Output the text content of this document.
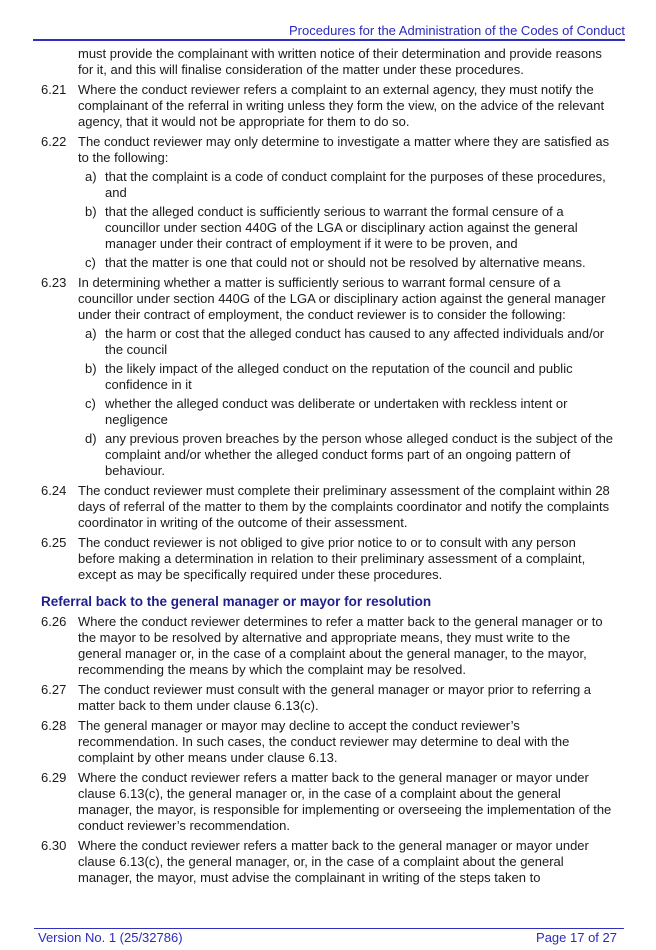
Procedures for the Administration of the Codes of Conduct
must provide the complainant with written notice of their determination and provide reasons for it, and this will finalise consideration of the matter under these procedures.
6.21 Where the conduct reviewer refers a complaint to an external agency, they must notify the complainant of the referral in writing unless they form the view, on the advice of the relevant agency, that it would not be appropriate for them to do so.
6.22 The conduct reviewer may only determine to investigate a matter where they are satisfied as to the following:
a) that the complaint is a code of conduct complaint for the purposes of these procedures, and
b) that the alleged conduct is sufficiently serious to warrant the formal censure of a councillor under section 440G of the LGA or disciplinary action against the general manager under their contract of employment if it were to be proven, and
c) that the matter is one that could not or should not be resolved by alternative means.
6.23 In determining whether a matter is sufficiently serious to warrant formal censure of a councillor under section 440G of the LGA or disciplinary action against the general manager under their contract of employment, the conduct reviewer is to consider the following:
a) the harm or cost that the alleged conduct has caused to any affected individuals and/or the council
b) the likely impact of the alleged conduct on the reputation of the council and public confidence in it
c) whether the alleged conduct was deliberate or undertaken with reckless intent or negligence
d) any previous proven breaches by the person whose alleged conduct is the subject of the complaint and/or whether the alleged conduct forms part of an ongoing pattern of behaviour.
6.24 The conduct reviewer must complete their preliminary assessment of the complaint within 28 days of referral of the matter to them by the complaints coordinator and notify the complaints coordinator in writing of the outcome of their assessment.
6.25 The conduct reviewer is not obliged to give prior notice to or to consult with any person before making a determination in relation to their preliminary assessment of a complaint, except as may be specifically required under these procedures.
Referral back to the general manager or mayor for resolution
6.26 Where the conduct reviewer determines to refer a matter back to the general manager or to the mayor to be resolved by alternative and appropriate means, they must write to the general manager or, in the case of a complaint about the general manager, to the mayor, recommending the means by which the complaint may be resolved.
6.27 The conduct reviewer must consult with the general manager or mayor prior to referring a matter back to them under clause 6.13(c).
6.28 The general manager or mayor may decline to accept the conduct reviewer’s recommendation. In such cases, the conduct reviewer may determine to deal with the complaint by other means under clause 6.13.
6.29 Where the conduct reviewer refers a matter back to the general manager or mayor under clause 6.13(c), the general manager or, in the case of a complaint about the general manager, the mayor, is responsible for implementing or overseeing the implementation of the conduct reviewer’s recommendation.
6.30 Where the conduct reviewer refers a matter back to the general manager or mayor under clause 6.13(c), the general manager, or, in the case of a complaint about the general manager, the mayor, must advise the complainant in writing of the steps taken to
Version No. 1 (25/32786)	Page 17 of 27
